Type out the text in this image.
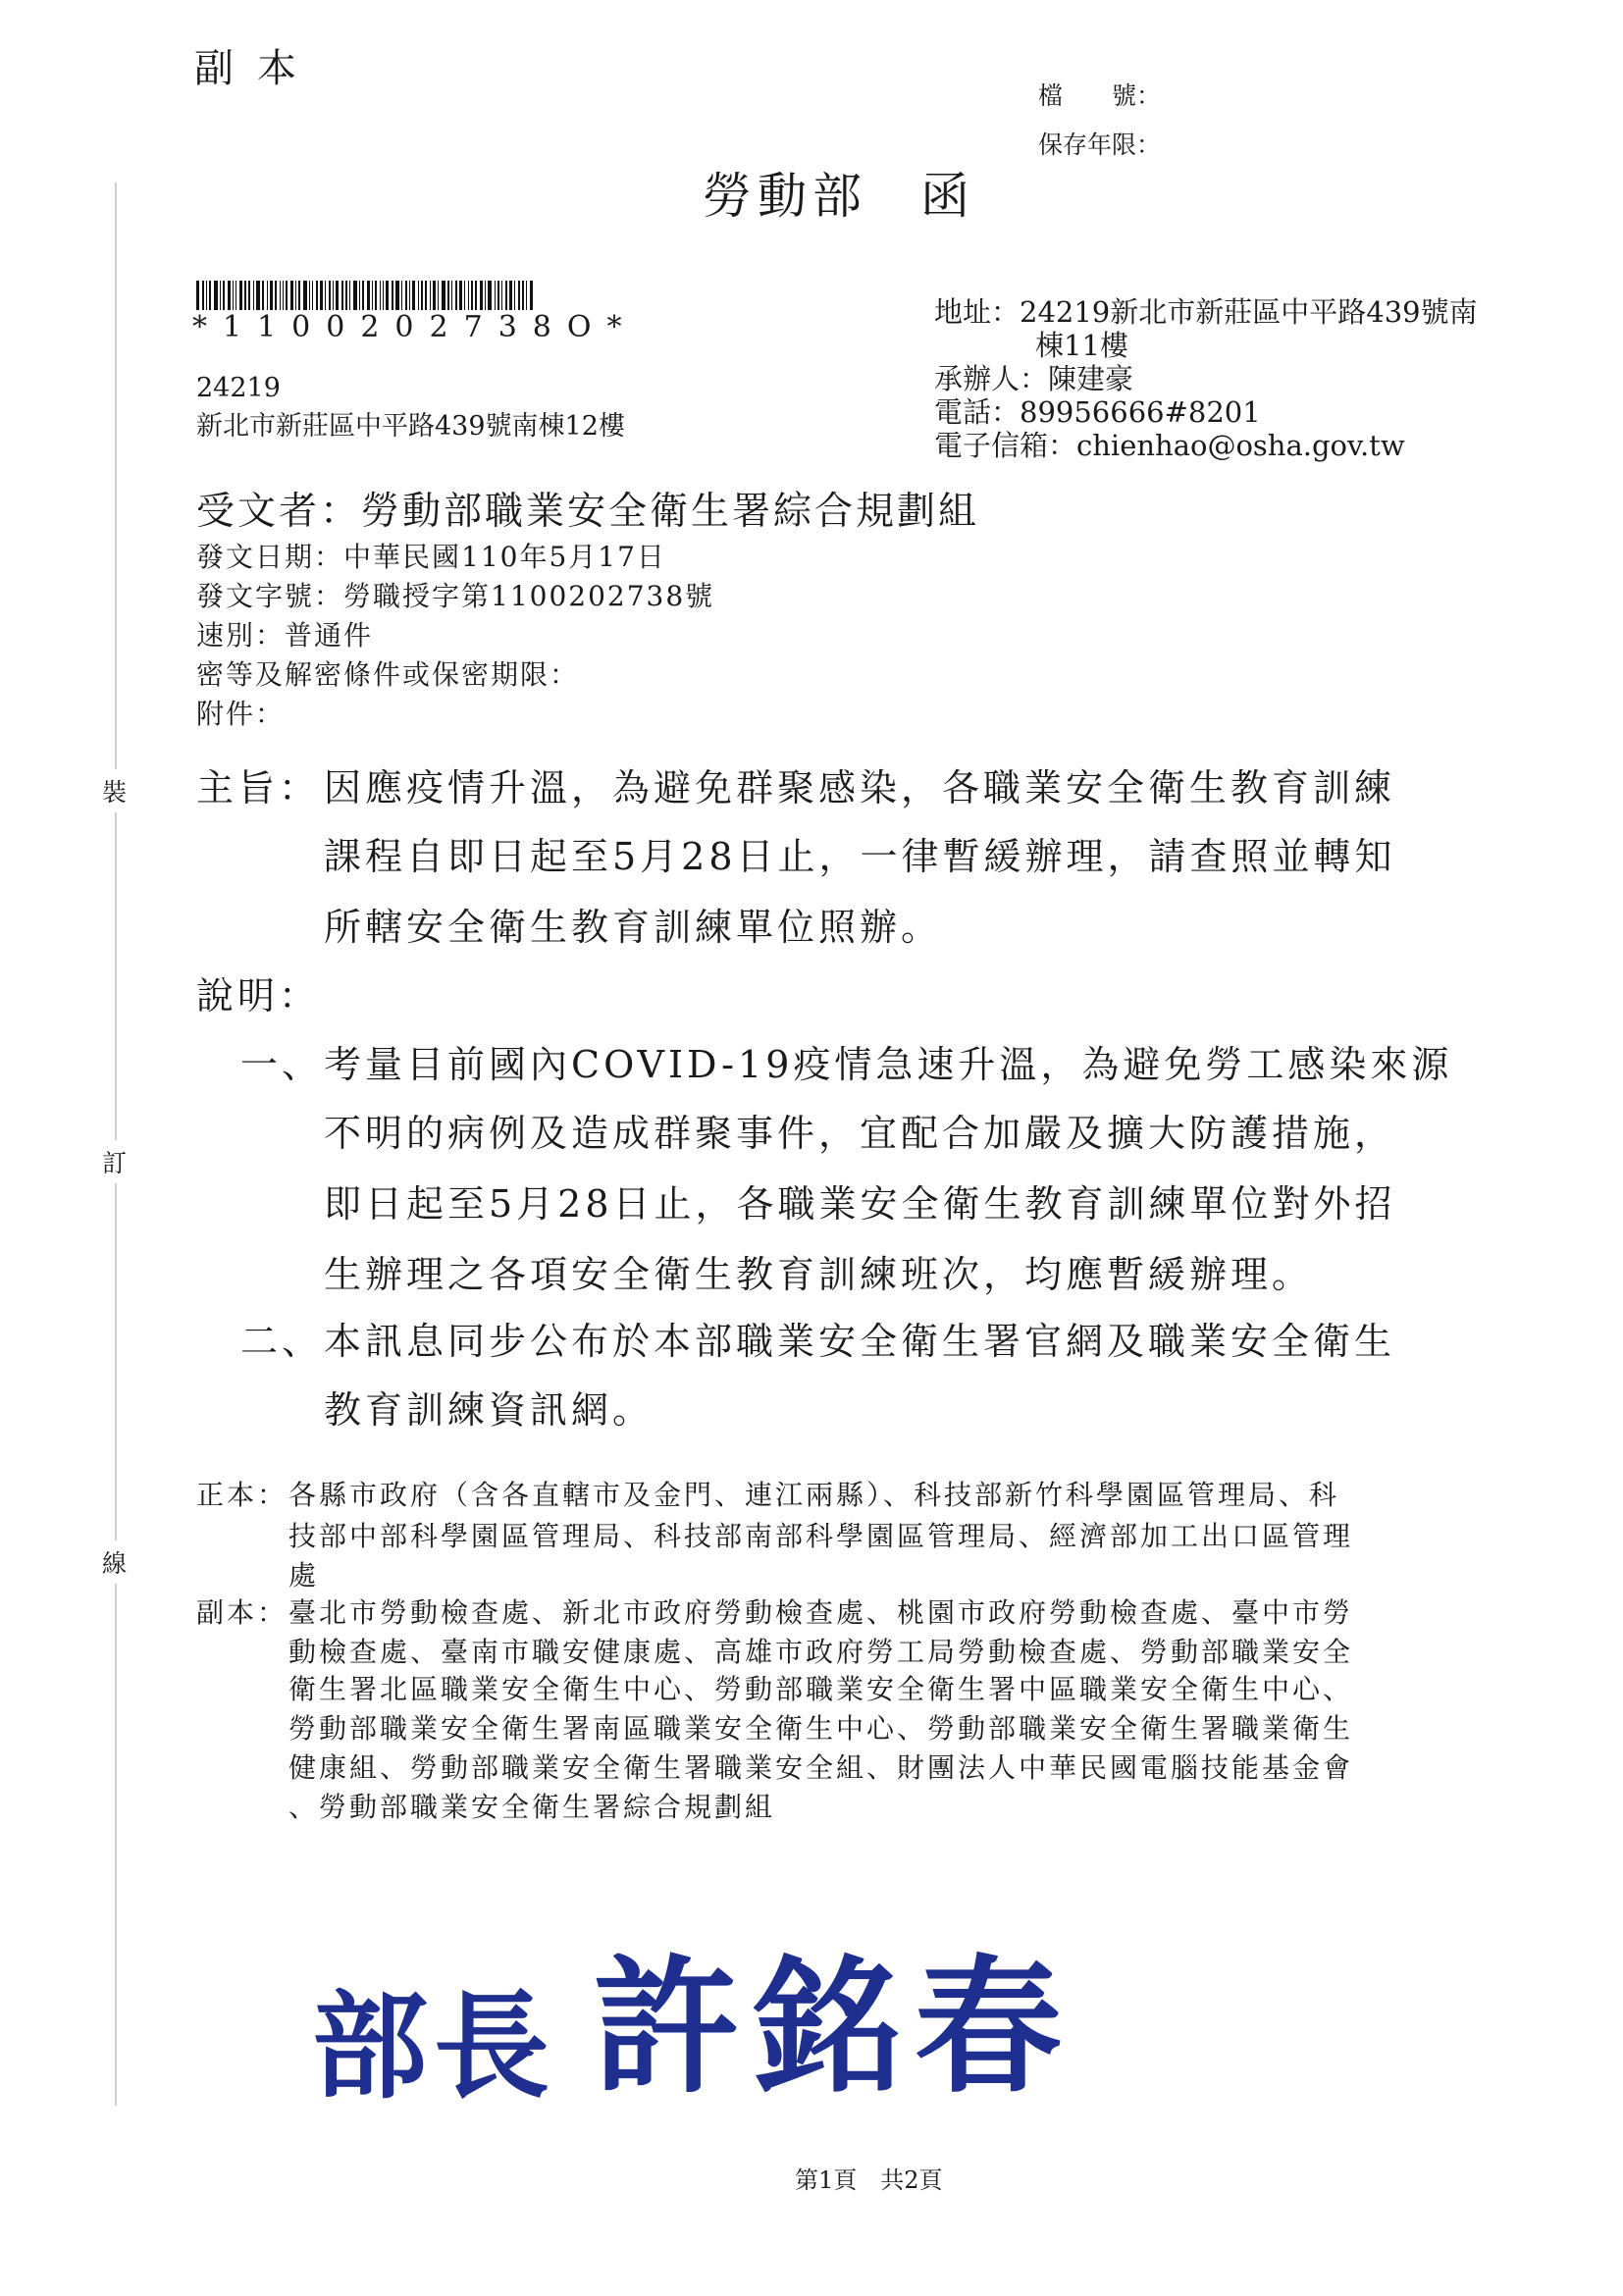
裝
訂
線
副本
檔　　號：
保存年限：
勞動部 函
*1100202738O*
24219
新北市新莊區中平路439號南棟12樓
地址：24219新北市新莊區中平路439號南
棟11樓
承辦人：陳建豪
電話：89956666#8201
電子信箱：chienhao@osha.gov.tw
受文者：勞動部職業安全衛生署綜合規劃組
發文日期：中華民國110年5月17日
發文字號：勞職授字第1100202738號
速別：普通件
密等及解密條件或保密期限：
附件：
主旨： 因應疫情升溫，為避免群聚感染，各職業安全衛生教育訓練
課程自即日起至5月28日止，一律暫緩辦理，請查照並轉知
所轄安全衛生教育訓練單位照辦。
說明：
一、 考量目前國內COVID-19疫情急速升溫，為避免勞工感染來源
不明的病例及造成群聚事件，宜配合加嚴及擴大防護措施，
即日起至5月28日止，各職業安全衛生教育訓練單位對外招
生辦理之各項安全衛生教育訓練班次，均應暫緩辦理。
二、 本訊息同步公布於本部職業安全衛生署官網及職業安全衛生
教育訓練資訊網。
正本： 各縣市政府（含各直轄市及金門、連江兩縣）、科技部新竹科學園區管理局、科
技部中部科學園區管理局、科技部南部科學園區管理局、經濟部加工出口區管理
處
副本： 臺北市勞動檢查處、新北市政府勞動檢查處、桃園市政府勞動檢查處、臺中市勞
動檢查處、臺南市職安健康處、高雄市政府勞工局勞動檢查處、勞動部職業安全
衛生署北區職業安全衛生中心、勞動部職業安全衛生署中區職業安全衛生中心、
勞動部職業安全衛生署南區職業安全衛生中心、勞動部職業安全衛生署職業衛生
健康組、勞動部職業安全衛生署職業安全組、財團法人中華民國電腦技能基金會
、勞動部職業安全衛生署綜合規劃組
部長 許銘春
第1頁　共2頁
